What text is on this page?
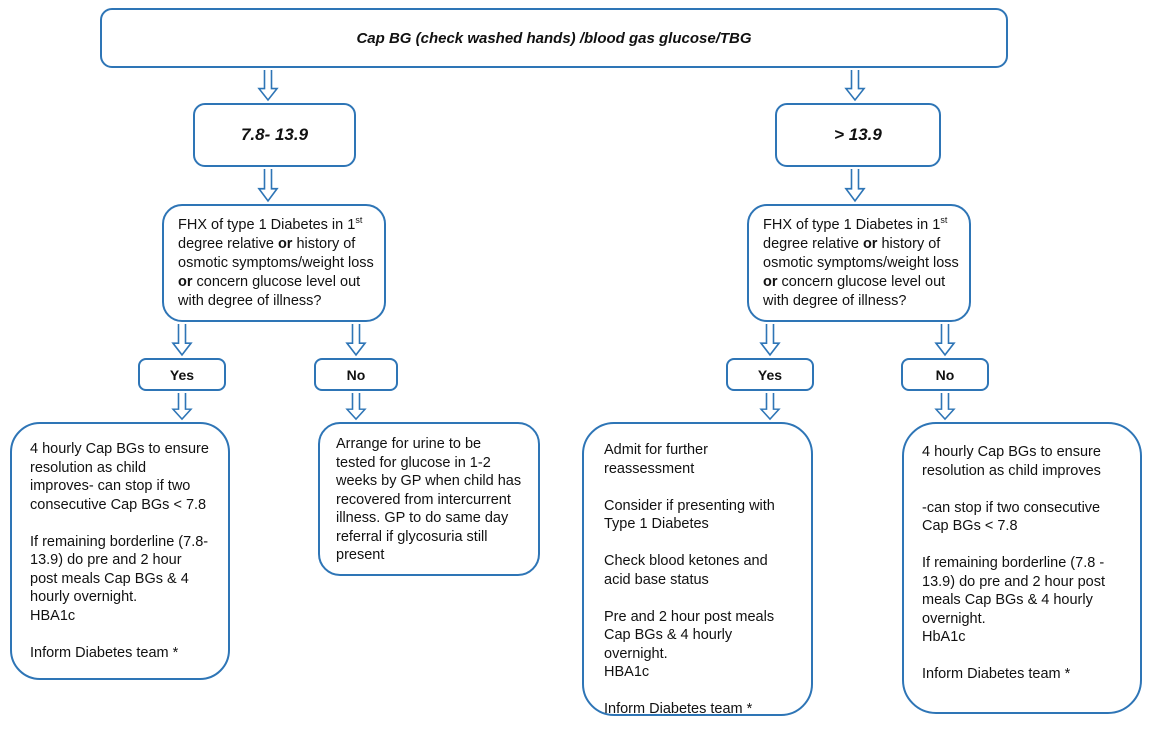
Cap BG (check washed hands) /blood gas glucose/TBG
7.8- 13.9	> 13.9
FHX of type 1 Diabetes in 1st degree relative or history of osmotic symptoms/weight loss or concern glucose level out with degree of illness?
FHX of type 1 Diabetes in 1st degree relative or history of osmotic symptoms/weight loss or concern glucose level out with degree of illness?
Yes	No	Yes	No

4 hourly Cap BGs to ensure resolution as child improves- can stop if two consecutive Cap BGs < 7.8

If remaining borderline (7.8- 13.9) do pre and 2 hour post meals Cap BGs & 4 hourly overnight.

HBA1c

Inform Diabetes team *

Arrange for urine to be tested for glucose in 1-2 weeks by GP when child has recovered from intercurrent illness. GP to do same day referral if glycosuria still present

Admit for further reassessment

Consider if presenting with Type 1 Diabetes

Check blood ketones and acid base status

Pre and 2 hour post meals Cap BGs & 4 hourly overnight.

HBA1c

Inform Diabetes team *

4 hourly Cap BGs to ensure resolution as child improves

-can stop if two consecutive Cap BGs < 7.8

If remaining borderline (7.8 - 13.9) do pre and 2 hour post meals Cap BGs & 4 hourly overnight.

HbA1c

Inform Diabetes team *
